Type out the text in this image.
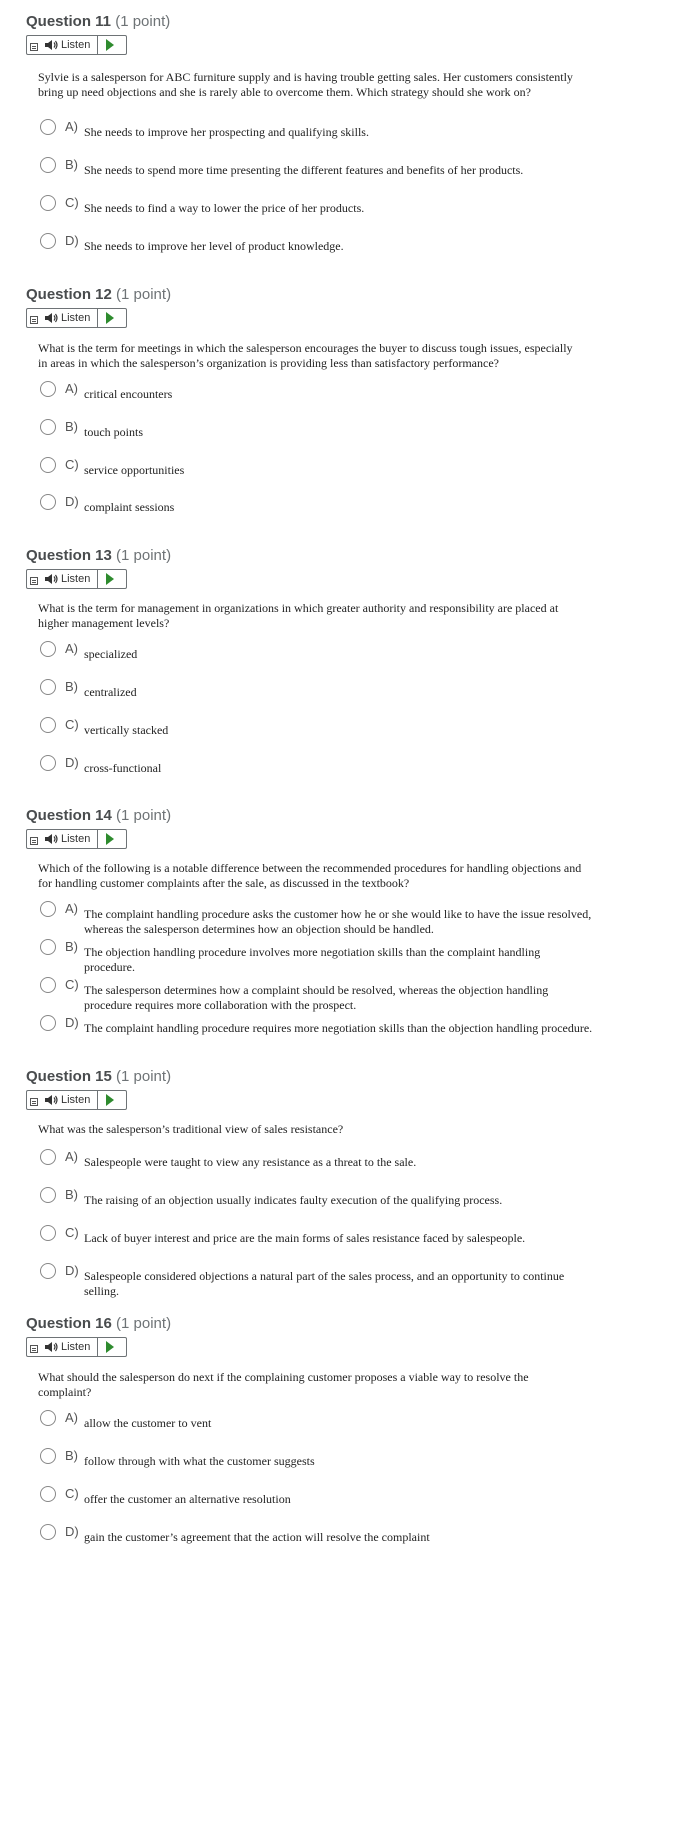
Question 11 (1 point)
Listen
Sylvie is a salesperson for ABC furniture supply and is having trouble getting sales. Her customers consistently bring up need objections and she is rarely able to overcome them. Which strategy should she work on?
A) She needs to improve her prospecting and qualifying skills.
B) She needs to spend more time presenting the different features and benefits of her products.
C) She needs to find a way to lower the price of her products.
D) She needs to improve her level of product knowledge.
Question 12 (1 point)
Listen
What is the term for meetings in which the salesperson encourages the buyer to discuss tough issues, especially in areas in which the salesperson’s organization is providing less than satisfactory performance?
A) critical encounters
B) touch points
C) service opportunities
D) complaint sessions
Question 13 (1 point)
Listen
What is the term for management in organizations in which greater authority and responsibility are placed at higher management levels?
A) specialized
B) centralized
C) vertically stacked
D) cross-functional
Question 14 (1 point)
Listen
Which of the following is a notable difference between the recommended procedures for handling objections and for handling customer complaints after the sale, as discussed in the textbook?
A) The complaint handling procedure asks the customer how he or she would like to have the issue resolved, whereas the salesperson determines how an objection should be handled.
B) The objection handling procedure involves more negotiation skills than the complaint handling procedure.
C) The salesperson determines how a complaint should be resolved, whereas the objection handling procedure requires more collaboration with the prospect.
D) The complaint handling procedure requires more negotiation skills than the objection handling procedure.
Question 15 (1 point)
Listen
What was the salesperson’s traditional view of sales resistance?
A) Salespeople were taught to view any resistance as a threat to the sale.
B) The raising of an objection usually indicates faulty execution of the qualifying process.
C) Lack of buyer interest and price are the main forms of sales resistance faced by salespeople.
D) Salespeople considered objections a natural part of the sales process, and an opportunity to continue selling.
Question 16 (1 point)
Listen
What should the salesperson do next if the complaining customer proposes a viable way to resolve the complaint?
A) allow the customer to vent
B) follow through with what the customer suggests
C) offer the customer an alternative resolution
D) gain the customer’s agreement that the action will resolve the complaint
